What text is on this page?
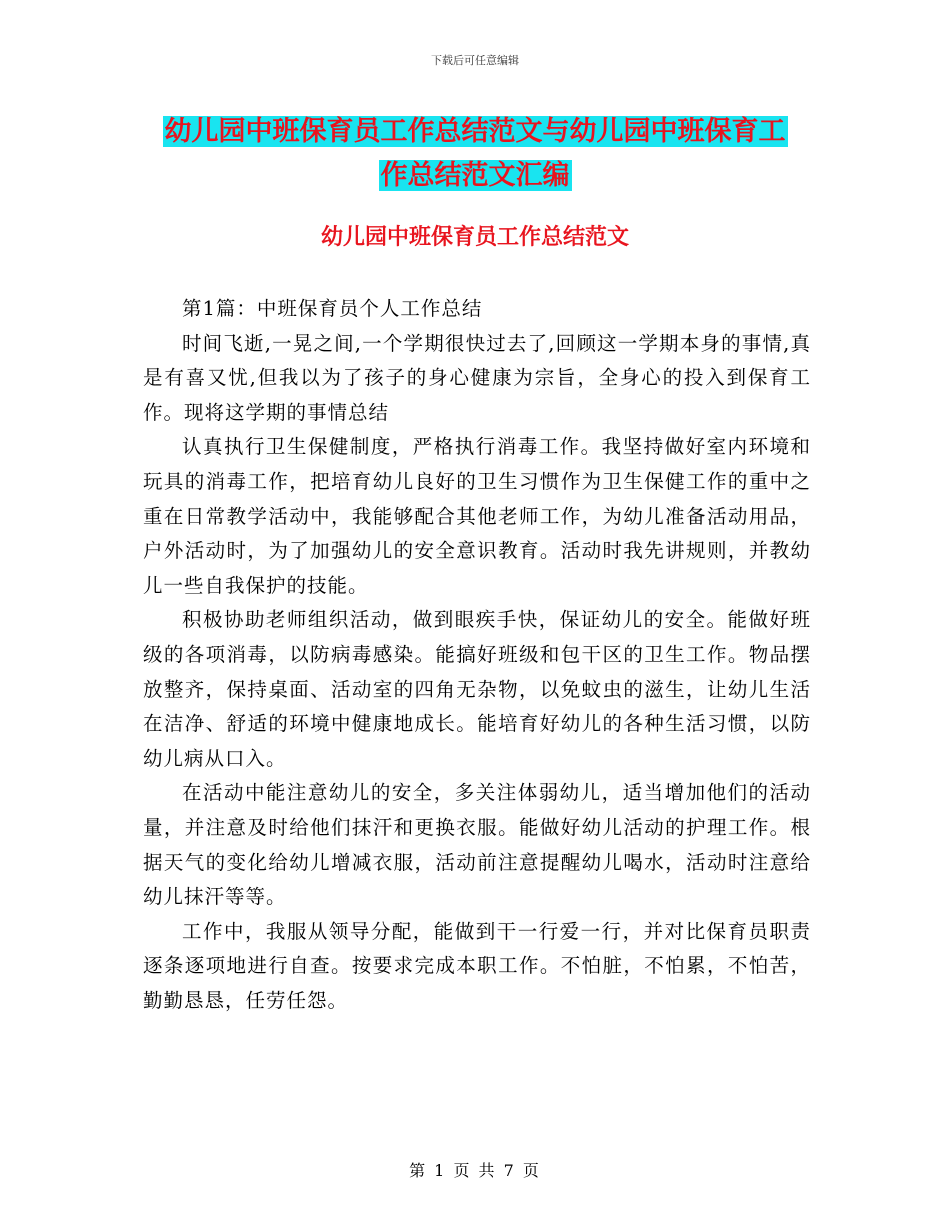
下载后可任意编辑
幼儿园中班保育员工作总结范文与幼儿园中班保育工
作总结范文汇编
幼儿园中班保育员工作总结范文

第1篇：中班保育员个人工作总结

时间飞逝,一晃之间,一个学期很快过去了,回顾这一学期本身的事情,真是有喜又忧,但我以为了孩子的身心健康为宗旨，全身心的投入到保育工作。现将这学期的事情总结

认真执行卫生保健制度，严格执行消毒工作。我坚持做好室内环境和玩具的消毒工作，把培育幼儿良好的卫生习惯作为卫生保健工作的重中之重在日常教学活动中，我能够配合其他老师工作，为幼儿准备活动用品，户外活动时，为了加强幼儿的安全意识教育。活动时我先讲规则，并教幼儿一些自我保护的技能。

积极协助老师组织活动，做到眼疾手快，保证幼儿的安全。能做好班级的各项消毒，以防病毒感染。能搞好班级和包干区的卫生工作。物品摆放整齐，保持桌面、活动室的四角无杂物，以免蚊虫的滋生，让幼儿生活在洁净、舒适的环境中健康地成长。能培育好幼儿的各种生活习惯，以防幼儿病从口入。

在活动中能注意幼儿的安全，多关注体弱幼儿，适当增加他们的活动量，并注意及时给他们抹汗和更换衣服。能做好幼儿活动的护理工作。根据天气的变化给幼儿增减衣服，活动前注意提醒幼儿喝水，活动时注意给幼儿抹汗等等。

工作中，我服从领导分配，能做到干一行爱一行，并对比保育员职责逐条逐项地进行自查。按要求完成本职工作。不怕脏，不怕累，不怕苦，勤勤恳恳，任劳任怨。

第 1 页 共 7 页
